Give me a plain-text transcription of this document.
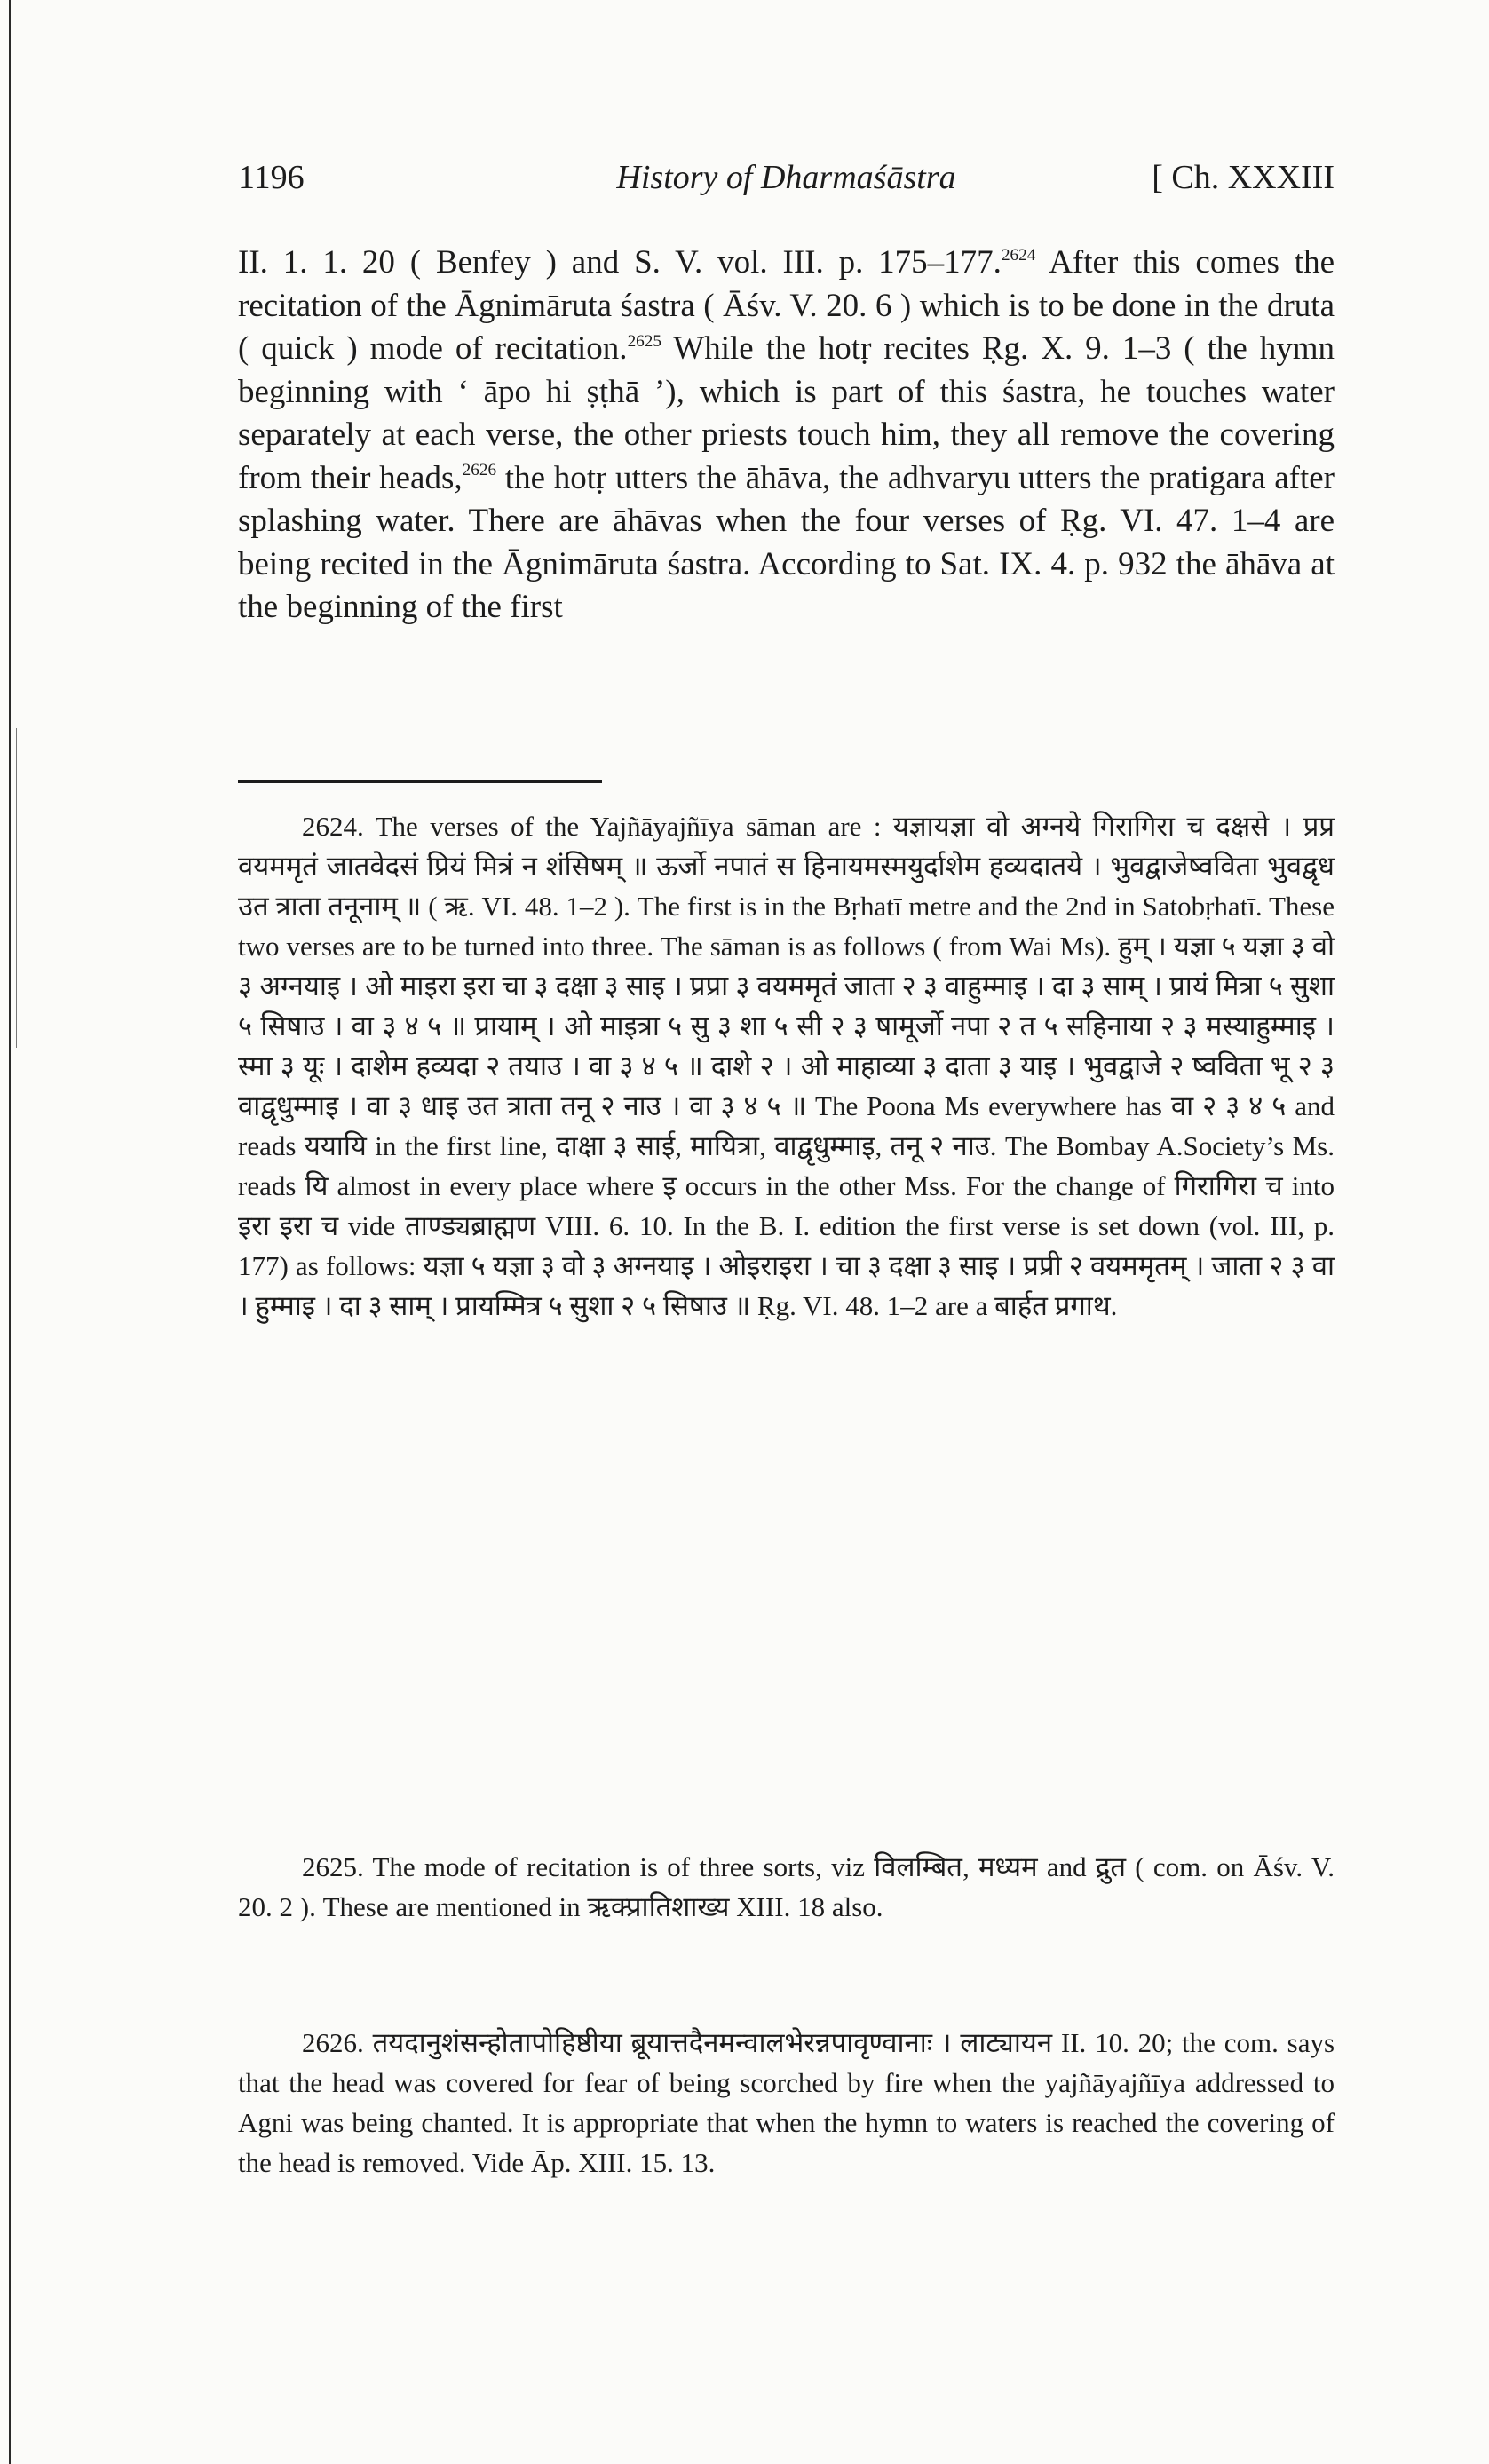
1196	History of Dharmaśāstra	[ Ch. XXXIII

II. 1. 1. 20 ( Benfey ) and S. V. vol. III. p. 175–177.$^{2624}$ After this comes the recitation of the Āgnimāruta śastra ( Āśv. V. 20. 6 ) which is to be done in the druta ( quick ) mode of recitation.$^{2625}$ While the hotṛ recites Ṛg. X. 9. 1–3 ( the hymn beginning with ‘ āpo hi ṣṭhā ’), which is part of this śastra, he touches water separately at each verse, the other priests touch him, they all remove the covering from their heads,$^{2626}$ the hotṛ utters the āhāva, the adhvaryu utters the pratigara after splashing water. There are āhāvas when the four verses of Ṛg. VI. 47. 1–4 are being recited in the Āgnimāruta śastra. According to Sat. IX. 4. p. 932 the āhāva at the beginning of the first

2624. The verses of the Yajñāyajñīya sāman are : यज्ञायज्ञा वो अग्नये गिरागिरा च दक्षसे । प्रप्र वयममृतं जातवेदसं प्रियं मित्रं न शंसिषम् ॥ ऊर्जो नपातं स हिनायमस्मयुर्दाशेम हव्यदातये । भुवद्वाजेष्वविता भुवद्वृध उत त्राता तनूनाम् ॥ ( ऋ. VI. 48. 1–2 ). The first is in the Bṛhatī metre and the 2nd in Satobṛhatī. These two verses are to be turned into three. The sāman is as follows ( from Wai Ms). हुम् । यज्ञा ५ यज्ञा ३ वो ३ अग्नयाइ । ओ माइरा इरा चा ३ दक्षा ३ साइ । प्रप्रा ३ वयममृतं जाता २ ३ वाहुम्माइ । दा ३ साम् । प्रायं मित्रा ५ सुशा ५ सिषाउ । वा ३ ४ ५ ॥ प्रायाम् । ओ माइत्रा ५ सु ३ शा ५ सी २ ३ षामूर्जो नपा २ त ५ सहिनाया २ ३ मस्याहुम्माइ । स्मा ३ यूः । दाशेम हव्यदा २ तयाउ । वा ३ ४ ५ ॥ दाशे २ । ओ माहाव्या ३ दाता ३ याइ । भुवद्वाजे २ ष्वविता भू २ ३ वाद्वृधुम्माइ । वा ३ धाइ उत त्राता तनू २ नाउ । वा ३ ४ ५ ॥ The Poona Ms everywhere has वा २ ३ ४ ५ and reads ययायि in the first line, दाक्षा ३ साई, मायित्रा, वाद्वृधुम्माइ, तनू २ नाउ. The Bombay A.Society’s Ms. reads यि almost in every place where इ occurs in the other Mss. For the change of गिरागिरा च into इरा इरा च vide ताण्ड्यब्राह्मण VIII. 6. 10. In the B. I. edition the first verse is set down (vol. III, p. 177) as follows: यज्ञा ५ यज्ञा ३ वो ३ अग्नयाइ । ओइराइरा । चा ३ दक्षा ३ साइ । प्रप्री २ वयममृतम् । जाता २ ३ वा । हुम्माइ । दा ३ साम् । प्रायम्मित्र ५ सुशा २ ५ सिषाउ ॥ Ṛg. VI. 48. 1–2 are a बार्हत प्रगाथ.

2625. The mode of recitation is of three sorts, viz विलम्बित, मध्यम and द्रुत ( com. on Āśv. V. 20. 2 ). These are mentioned in ऋक्प्रातिशाख्य XIII. 18 also.

2626. तयदानुशंसन्होतापोहिष्ठीया ब्रूयात्तदैनमन्वालभेरन्नपावृण्वानाः । लाट्यायन II. 10. 20; the com. says that the head was covered for fear of being scorched by fire when the yajñāyajñīya addressed to Agni was being chanted. It is appropriate that when the hymn to waters is reached the covering of the head is removed. Vide Āp. XIII. 15. 13.
